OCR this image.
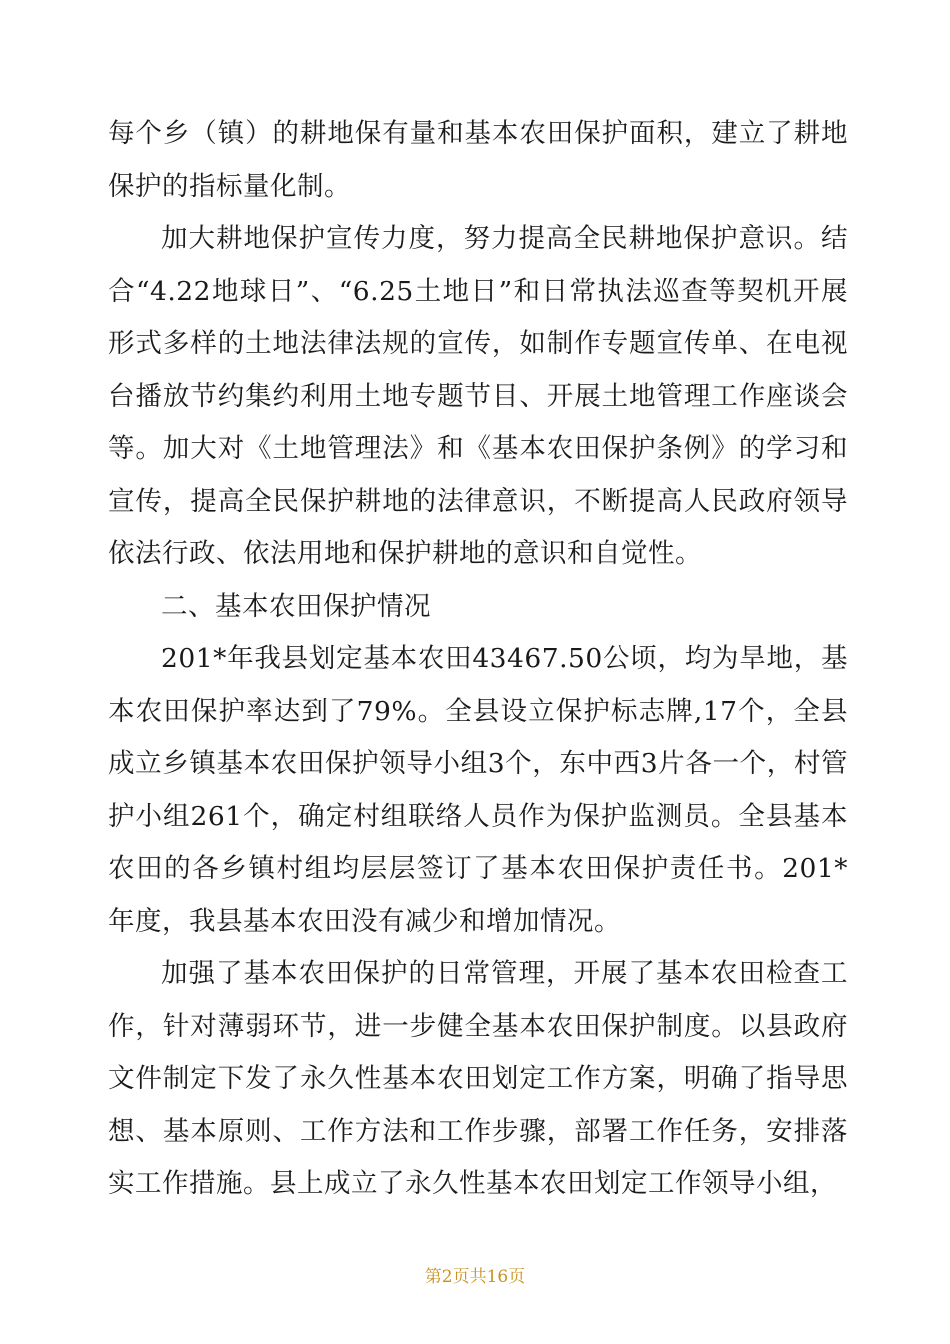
每个乡（镇）的耕地保有量和基本农田保护面积，建立了耕地保护的指标量化制。

加大耕地保护宣传力度，努力提高全民耕地保护意识。结合“4.22地球日”、“6.25土地日”和日常执法巡查等契机开展形式多样的土地法律法规的宣传，如制作专题宣传单、在电视台播放节约集约利用土地专题节目、开展土地管理工作座谈会等。加大对《土地管理法》和《基本农田保护条例》的学习和宣传，提高全民保护耕地的法律意识，不断提高人民政府领导依法行政、依法用地和保护耕地的意识和自觉性。

二、基本农田保护情况

201*年我县划定基本农田43467.50公顷，均为旱地，基本农田保护率达到了79%。全县设立保护标志牌,17个，全县成立乡镇基本农田保护领导小组3个，东中西3片各一个，村管护小组261个，确定村组联络人员作为保护监测员。全县基本农田的各乡镇村组均层层签订了基本农田保护责任书。201*年度，我县基本农田没有减少和增加情况。

加强了基本农田保护的日常管理，开展了基本农田检查工作，针对薄弱环节，进一步健全基本农田保护制度。以县政府文件制定下发了永久性基本农田划定工作方案，明确了指导思想、基本原则、工作方法和工作步骤，部署工作任务，安排落实工作措施。县上成立了永久性基本农田划定工作领导小组，

第2页共16页
